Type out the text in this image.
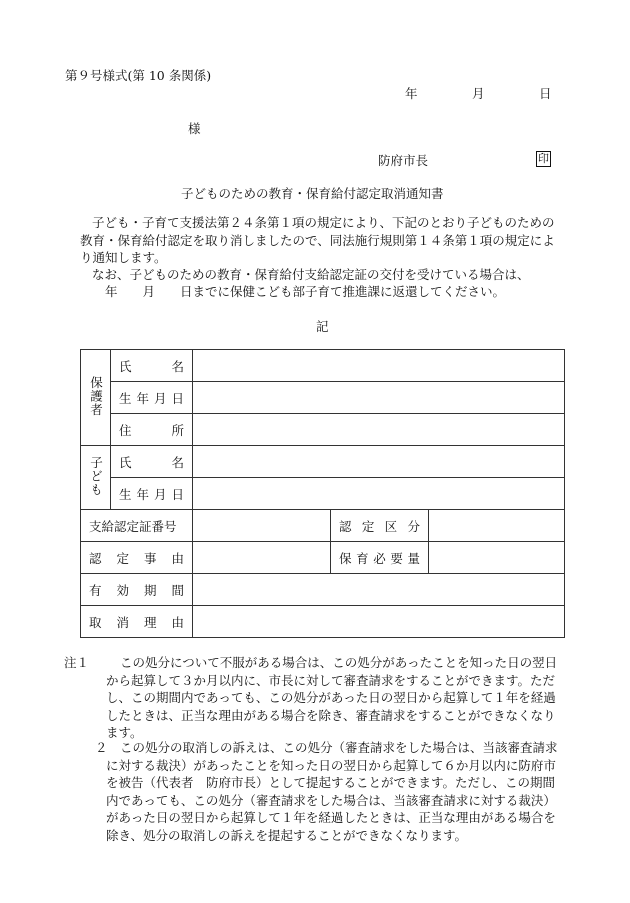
第９号様式(第 10 条関係)
年	月	日
様
防府市長	印
子どものための教育・保育給付認定取消通知書
子ども・子育て支援法第２４条第１項の規定により、下記のとおり子どものための教育・保育給付認定を取り消しましたので、同法施行規則第１４条第１項の規定により通知します。
なお、子どものための教育・保育給付支給認定証の交付を受けている場合は、
年　　月　　日までに保健こども部子育て推進課に返還してください。
記
保護者	氏名			
	生年月日			
	住所			
子ども	氏名			
	生年月日			
支給認定証番号			認定区分	
認定事由			保育必要量	
有効期間				
取消理由				
注１	この処分について不服がある場合は、この処分があったことを知った日の翌日から起算して３か月以内に、市長に対して審査請求をすることができます。ただし、この期間内であっても、この処分があった日の翌日から起算して１年を経過したときは、正当な理由がある場合を除き、審査請求をすることができなくなります。
２ この処分の取消しの訴えは、この処分（審査請求をした場合は、当該審査請求に対する裁決）があったことを知った日の翌日から起算して６か月以内に防府市を被告（代表者　防府市長）として提起することができます。ただし、この期間内であっても、この処分（審査請求をした場合は、当該審査請求に対する裁決）があった日の翌日から起算して１年を経過したときは、正当な理由がある場合を除き、処分の取消しの訴えを提起することができなくなります。
